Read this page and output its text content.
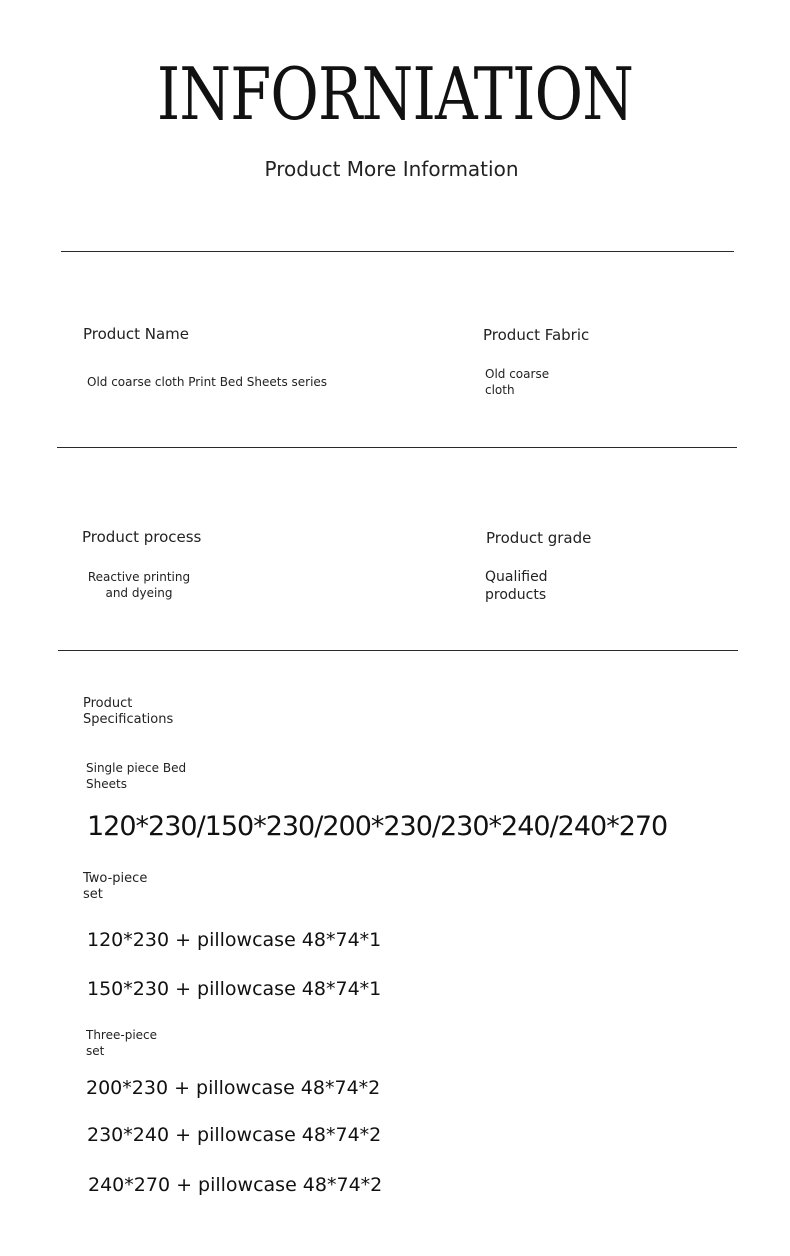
INFORNIATION
Product More Information
Product Name
Old coarse cloth Print Bed Sheets series
Product Fabric
Old coarse cloth
Product process
Reactive printing and dyeing
Product grade
Qualified products
Product Specifications
Single piece Bed Sheets
120*230/150*230/200*230/230*240/240*270
Two-piece set
120*230 + pillowcase 48*74*1
150*230 + pillowcase 48*74*1
Three-piece set
200*230 + pillowcase 48*74*2
230*240 + pillowcase 48*74*2
240*270 + pillowcase 48*74*2
